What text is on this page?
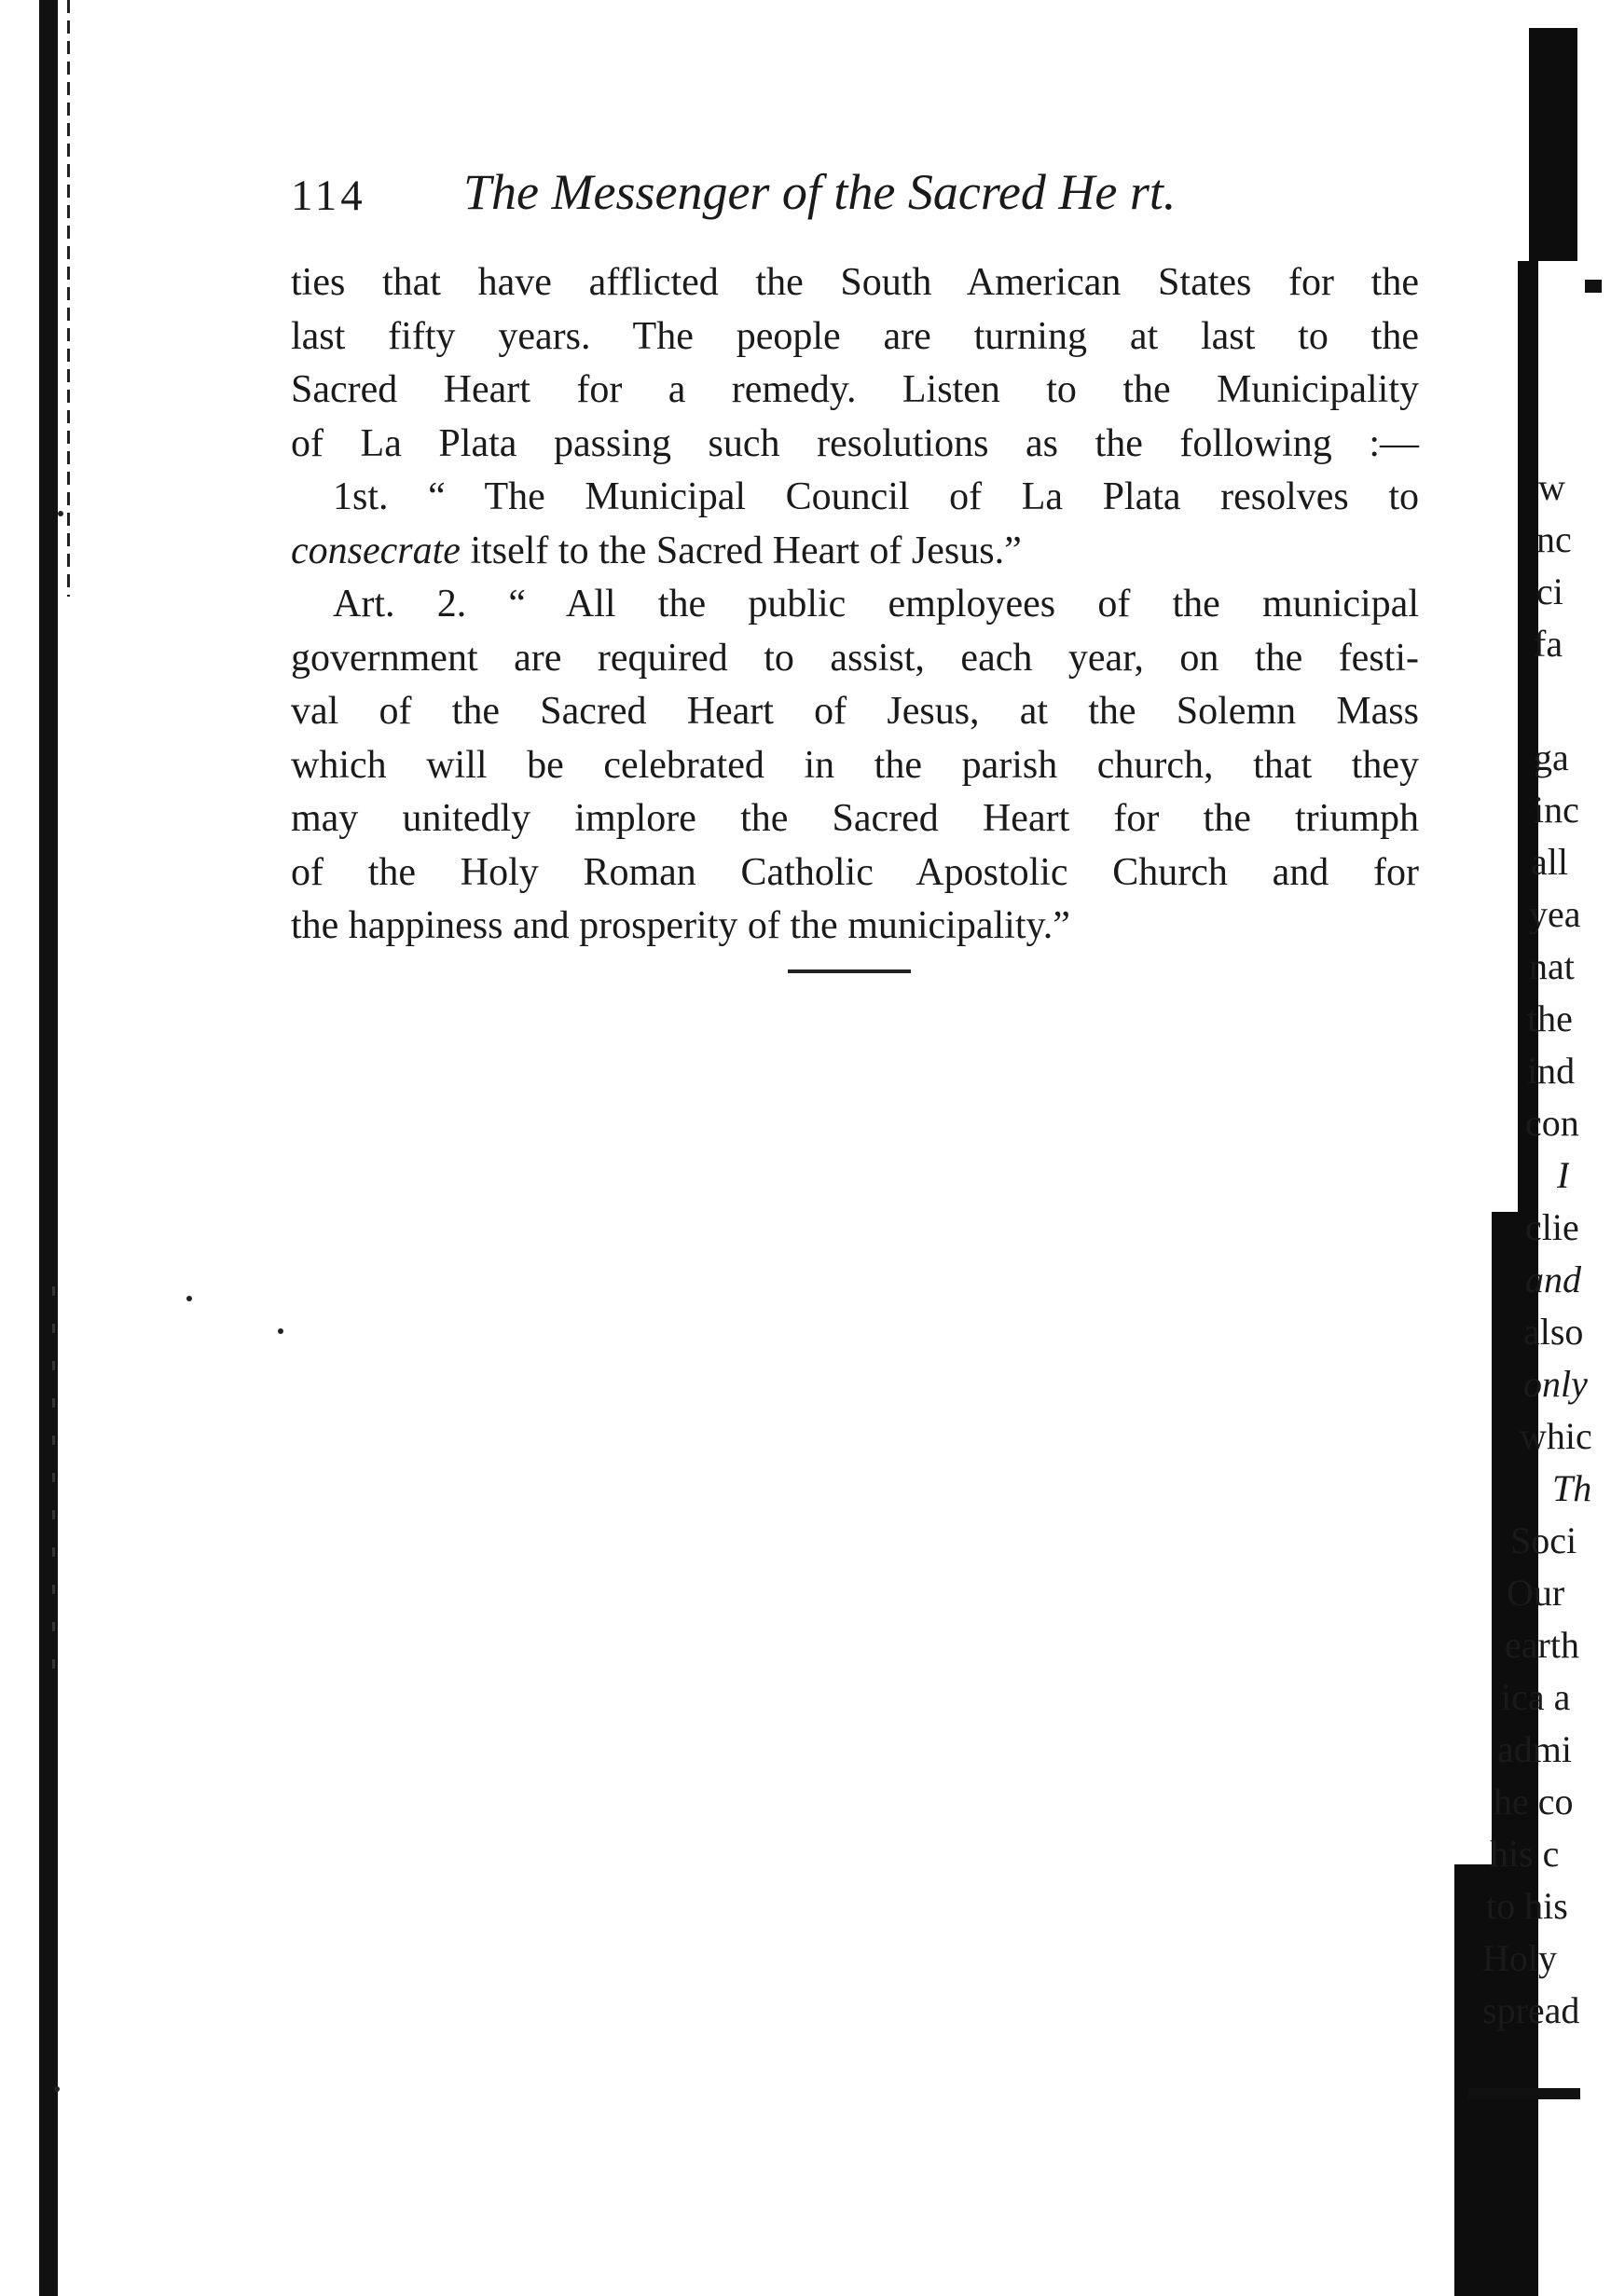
114 The Messenger of the Sacred He rt.
ties that have afflicted the South American States for the
last fifty years. The people are turning at last to the
Sacred Heart for a remedy. Listen to the Municipality
of La Plata passing such resolutions as the following :—
1st. “ The Municipal Council of La Plata resolves to
consecrate itself to the Sacred Heart of Jesus.”
Art. 2. “ All the public employees of the municipal
government are required to assist, each year, on the festi-
val of the Sacred Heart of Jesus, at the Solemn Mass
which will be celebrated in the parish church, that they
may unitedly implore the Sacred Heart for the triumph
of the Holy Roman Catholic Apostolic Church and for
the happiness and prosperity of the municipality.”
w
nc
ci
fa
ga
inc
all
yea
nat
the
ind
con
I
clie
and
also
only
whic
Th
Soci
Our
earth
ica a
admi
he co
his c
to his
Holy
spread
